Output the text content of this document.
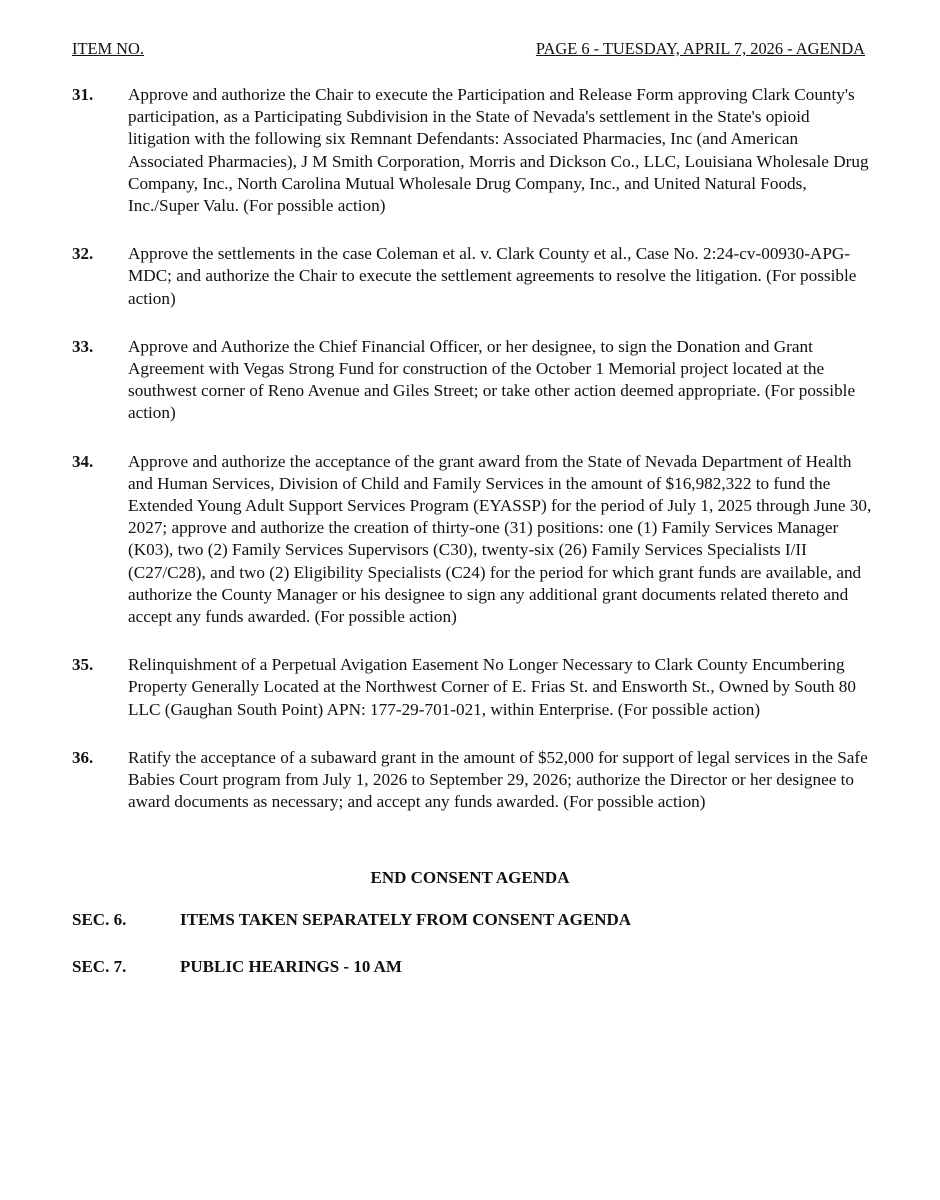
ITEM NO.	PAGE 6 - TUESDAY, APRIL 7, 2026 - AGENDA
31.	Approve and authorize the Chair to execute the Participation and Release Form approving Clark County's participation, as a Participating Subdivision in the State of Nevada's settlement in the State's opioid litigation with the following six Remnant Defendants: Associated Pharmacies, Inc (and American Associated Pharmacies), J M Smith Corporation, Morris and Dickson Co., LLC, Louisiana Wholesale Drug Company, Inc., North Carolina Mutual Wholesale Drug Company, Inc., and United Natural Foods, Inc./Super Valu. (For possible action)

32.	Approve the settlements in the case Coleman et al. v. Clark County et al., Case No. 2:24-cv-00930-APG-MDC; and authorize the Chair to execute the settlement agreements to resolve the litigation. (For possible action)

33.	Approve and Authorize the Chief Financial Officer, or her designee, to sign the Donation and Grant Agreement with Vegas Strong Fund for construction of the October 1 Memorial project located at the southwest corner of Reno Avenue and Giles Street; or take other action deemed appropriate. (For possible action)

34.	Approve and authorize the acceptance of the grant award from the State of Nevada Department of Health and Human Services, Division of Child and Family Services in the amount of $16,982,322 to fund the Extended Young Adult Support Services Program (EYASSP) for the period of July 1, 2025 through June 30, 2027; approve and authorize the creation of thirty-one (31) positions: one (1) Family Services Manager (K03), two (2) Family Services Supervisors (C30), twenty-six (26) Family Services Specialists I/II (C27/C28), and two (2) Eligibility Specialists (C24) for the period for which grant funds are available, and authorize the County Manager or his designee to sign any additional grant documents related thereto and accept any funds awarded. (For possible action)

35.	Relinquishment of a Perpetual Avigation Easement No Longer Necessary to Clark County Encumbering Property Generally Located at the Northwest Corner of E. Frias St. and Ensworth St., Owned by South 80 LLC (Gaughan South Point) APN: 177-29-701-021, within Enterprise. (For possible action)

36.	Ratify the acceptance of a subaward grant in the amount of $52,000 for support of legal services in the Safe Babies Court program from July 1, 2026 to September 29, 2026; authorize the Director or her designee to award documents as necessary; and accept any funds awarded. (For possible action)

END CONSENT AGENDA
SEC. 6.	ITEMS TAKEN SEPARATELY FROM CONSENT AGENDA
SEC. 7.	PUBLIC HEARINGS - 10 AM
